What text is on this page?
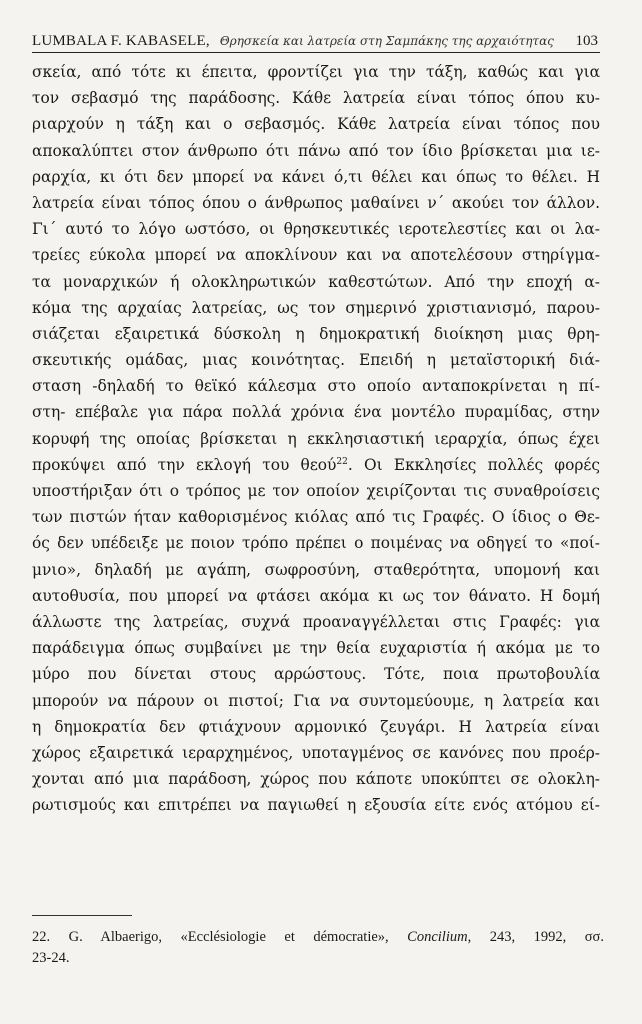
LUMBALA F. KABASELE, Θρησκεία και λατρεία στη Σαμπάκης της αρχαιότητας 103
σκεία, από τότε κι έπειτα, φροντίζει για την τάξη, καθώς και για
τον σεβασμό της παράδοσης. Κάθε λατρεία είναι τόπος όπου κυ-
ριαρχούν η τάξη και ο σεβασμός. Κάθε λατρεία είναι τόπος που
αποκαλύπτει στον άνθρωπο ότι πάνω από τον ίδιο βρίσκεται μια ιε-
ραρχία, κι ότι δεν μπορεί να κάνει ό,τι θέλει και όπως το θέλει. Η
λατρεία είναι τόπος όπου ο άνθρωπος μαθαίνει ν΄ ακούει τον άλλον.
Γι΄ αυτό το λόγο ωστόσο, οι θρησκευτικές ιεροτελεστίες και οι λα-
τρείες εύκολα μπορεί να αποκλίνουν και να αποτελέσουν στηρίγμα-
τα μοναρχικών ή ολοκληρωτικών καθεστώτων. Από την εποχή α-
κόμα της αρχαίας λατρείας, ως τον σημερινό χριστιανισμό, παρου-
σιάζεται εξαιρετικά δύσκολη η δημοκρατική διοίκηση μιας θρη-
σκευτικής ομάδας, μιας κοινότητας. Επειδή η μεταϊστορική διά-
σταση -δηλαδή το θεϊκό κάλεσμα στο οποίο ανταποκρίνεται η πί-
στη- επέβαλε για πάρα πολλά χρόνια ένα μοντέλο πυραμίδας, στην
κορυφή της οποίας βρίσκεται η εκκλησιαστική ιεραρχία, όπως έχει
προκύψει από την εκλογή του θεού$^{22}$. Οι Εκκλησίες πολλές φορές
υποστήριξαν ότι ο τρόπος με τον οποίον χειρίζονται τις συναθροίσεις
των πιστών ήταν καθορισμένος κιόλας από τις Γραφές. Ο ίδιος ο Θε-
ός δεν υπέδειξε με ποιον τρόπο πρέπει ο ποιμένας να οδηγεί το «ποί-
μνιο», δηλαδή με αγάπη, σωφροσύνη, σταθερότητα, υπομονή και
αυτοθυσία, που μπορεί να φτάσει ακόμα κι ως τον θάνατο. Η δομή
άλλωστε της λατρείας, συχνά προαναγγέλλεται στις Γραφές: για
παράδειγμα όπως συμβαίνει με την θεία ευχαριστία ή ακόμα με το
μύρο που δίνεται στους αρρώστους. Τότε, ποια πρωτοβουλία
μπορούν να πάρουν οι πιστοί; Για να συντομεύουμε, η λατρεία και
η δημοκρατία δεν φτιάχνουν αρμονικό ζευγάρι. Η λατρεία είναι
χώρος εξαιρετικά ιεραρχημένος, υποταγμένος σε κανόνες που προέρ-
χονται από μια παράδοση, χώρος που κάποτε υποκύπτει σε ολοκλη-
ρωτισμούς και επιτρέπει να παγιωθεί η εξουσία είτε ενός ατόμου εί-
22. G. Albaerigo, «Ecclésiologie et démocratie», Concilium, 243, 1992, σσ.
23-24.
